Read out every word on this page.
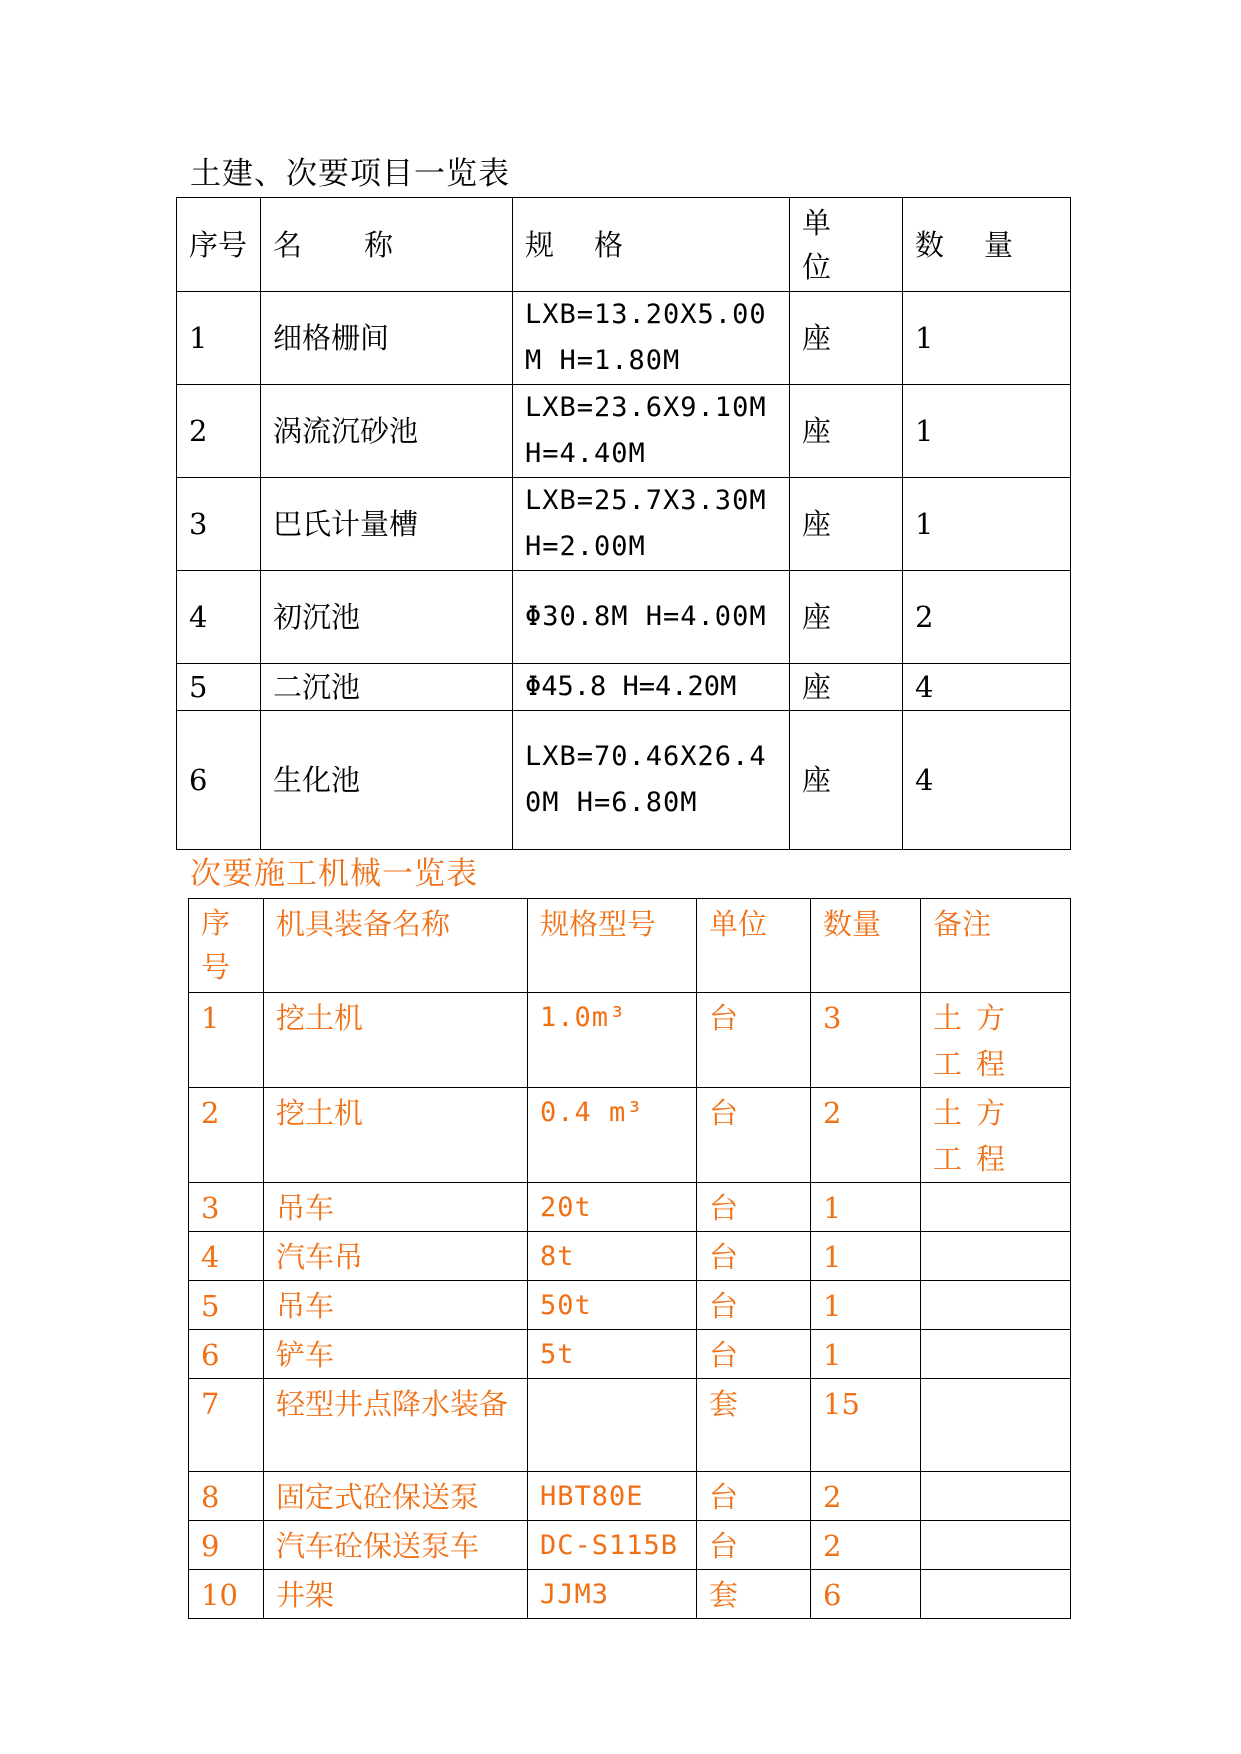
土建、次要项目一览表
序号	名称	规格	单位	数量
1	细格栅间	LXB=13.20X5.00M H=1.80M	座	1
2	涡流沉砂池	LXB=23.6X9.10M H=4.40M	座	1
3	巴氏计量槽	LXB=25.7X3.30M H=2.00M	座	1
4	初沉池	Φ30.8M H=4.00M	座	2
5	二沉池	Φ45.8 H=4.20M	座	4
6	生化池	LXB=70.46X26.40M H=6.80M	座	4
次要施工机械一览表
序号	机具装备名称	规格型号	单位	数量	备注
1	挖土机	1.0m³	台	3	土方工程
2	挖土机	0.4 m³	台	2	土方工程
3	吊车	20t	台	1	
4	汽车吊	8t	台	1	
5	吊车	50t	台	1	
6	铲车	5t	台	1	
7	轻型井点降水装备		套	15	
8	固定式砼保送泵	HBT80E	台	2	
9	汽车砼保送泵车	DC-S115B	台	2	
10	井架	JJM3	套	6	
